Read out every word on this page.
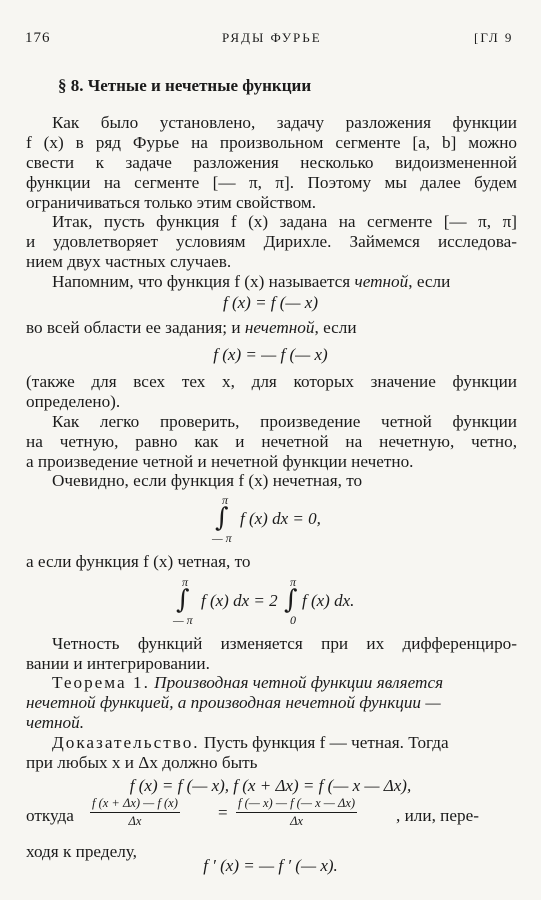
176	РЯДЫ ФУРЬЕ	[ГЛ 9
§ 8. Четные и нечетные функции
Как было установлено, задачу разложения функции
f (x) в ряд Фурье на произвольном сегменте [a, b] можно
свести к задаче разложения несколько видоизмененной
функции на сегменте [— π, π]. Поэтому мы далее будем
ограничиваться только этим свойством.
Итак, пусть функция f (x) задана на сегменте [— π, π]
и удовлетворяет условиям Дирихле. Займемся исследова-
нием двух частных случаев.
Напомним, что функция f (x) называется четной, если
f (x) = f (— x)
во всей области ее задания; и нечетной, если
f (x) = — f (— x)
(также для всех тех x, для которых значение функции
определено).
Как легко проверить, произведение четной функции
на четную, равно как и нечетной на нечетную, четно,
а произведение четной и нечетной функции нечетно.
Очевидно, если функция f (x) нечетная, то
π
∫
— π
f (x) dx = 0,
а если функция f (x) четная, то
π
∫
— π
f (x) dx = 2
π
∫
0
f (x) dx.
Четность функций изменяется при их дифференциро-
вании и интегрировании.
Теорема 1. Производная четной функции является
нечетной функцией, а производная нечетной функции —
четной.
Доказательство. Пусть функция f — четная. Тогда
при любых x и Δx должно быть
f (x) = f (— x), f (x + Δx) = f (— x — Δx),
откуда $\frac{f (x + \Delta x) — f (x)}{\Delta x} = \frac{f (— x) — f (— x — \Delta x)}{\Delta x}$ , или, пере-
ходя к пределу,
f ′ (x) = — f ′ (— x).
